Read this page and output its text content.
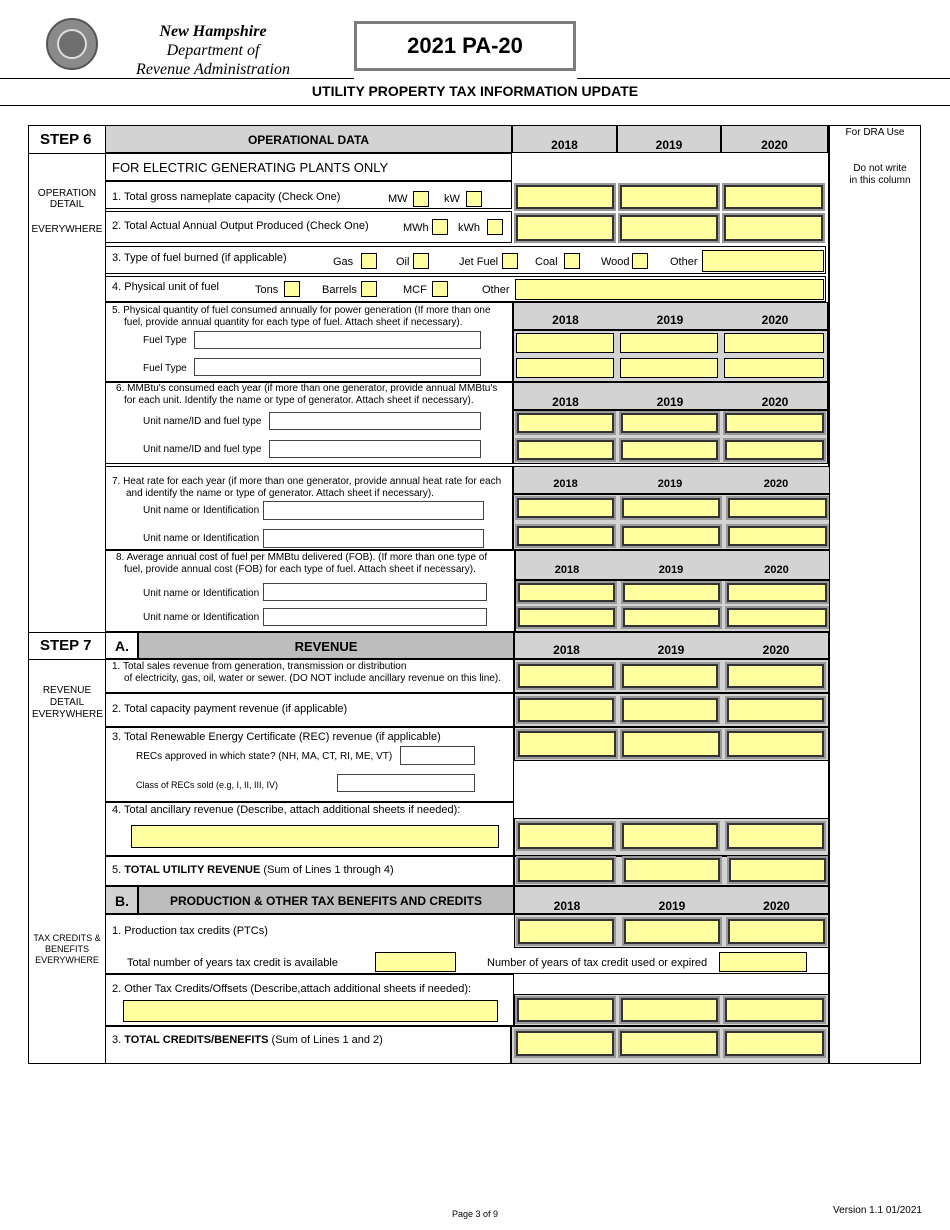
New Hampshire
Department of
Revenue Administration
2021 PA-20
UTILITY PROPERTY TAX INFORMATION UPDATE
For DRA Use
Do not write in this column
STEP 6	OPERATIONAL DATA	2018	2019	2020
FOR ELECTRIC GENERATING PLANTS ONLY
OPERATION DETAIL
EVERYWHERE
1. Total gross nameplate capacity (Check One)	MW	kW
2. Total Actual Annual Output Produced (Check One)	MWh	kWh
3. Type of fuel burned (if applicable)	Gas	Oil	Jet Fuel	Coal	Wood	Other
4. Physical unit of fuel	Tons	Barrels	MCF	Other
5. Physical quantity of fuel consumed annually for power generation (If more than one
fuel, provide annual quantity for each type of fuel. Attach sheet if necessary).
Fuel Type
Fuel Type
2018	2019	2020
6. MMBtu's consumed each year (if more than one generator, provide annual MMBtu's
for each unit. Identify the name or type of generator. Attach sheet if necessary).
Unit name/ID and fuel type
Unit name/ID and fuel type
2018	2019	2020
7. Heat rate for each year (if more than one generator, provide annual heat rate for each
and identify the name or type of generator. Attach sheet if necessary).
Unit name or Identification
Unit name or Identification
2018	2019	2020
8. Average annual cost of fuel per MMBtu delivered (FOB). (If more than one type of
fuel, provide annual cost (FOB) for each type of fuel. Attach sheet if necessary).
Unit name or Identification
Unit name or Identification
2018	2019	2020
STEP 7	A.	REVENUE	2018	2019	2020
REVENUE DETAIL EVERYWHERE
1. Total sales revenue from generation, transmission or distribution
of electricity, gas, oil, water or sewer. (DO NOT include ancillary revenue on this line).
2. Total capacity payment revenue (if applicable)
3. Total Renewable Energy Certificate (REC) revenue (if applicable)
RECs approved in which state? (NH, MA, CT, RI, ME, VT)
Class of RECs sold (e.g, I, II, III, IV)
4. Total ancillary revenue (Describe, attach additional sheets if needed):
5. TOTAL UTILITY REVENUE (Sum of Lines 1 through 4)
B.	PRODUCTION & OTHER TAX BENEFITS AND CREDITS	2018	2019	2020
TAX CREDITS & BENEFITS EVERYWHERE
1. Production tax credits (PTCs)
Total number of years tax credit is available	Number of years of tax credit used or expired
2. Other Tax Credits/Offsets (Describe,attach additional sheets if needed):
3. TOTAL CREDITS/BENEFITS (Sum of Lines 1 and 2)
Page 3 of 9	Version 1.1 01/2021
